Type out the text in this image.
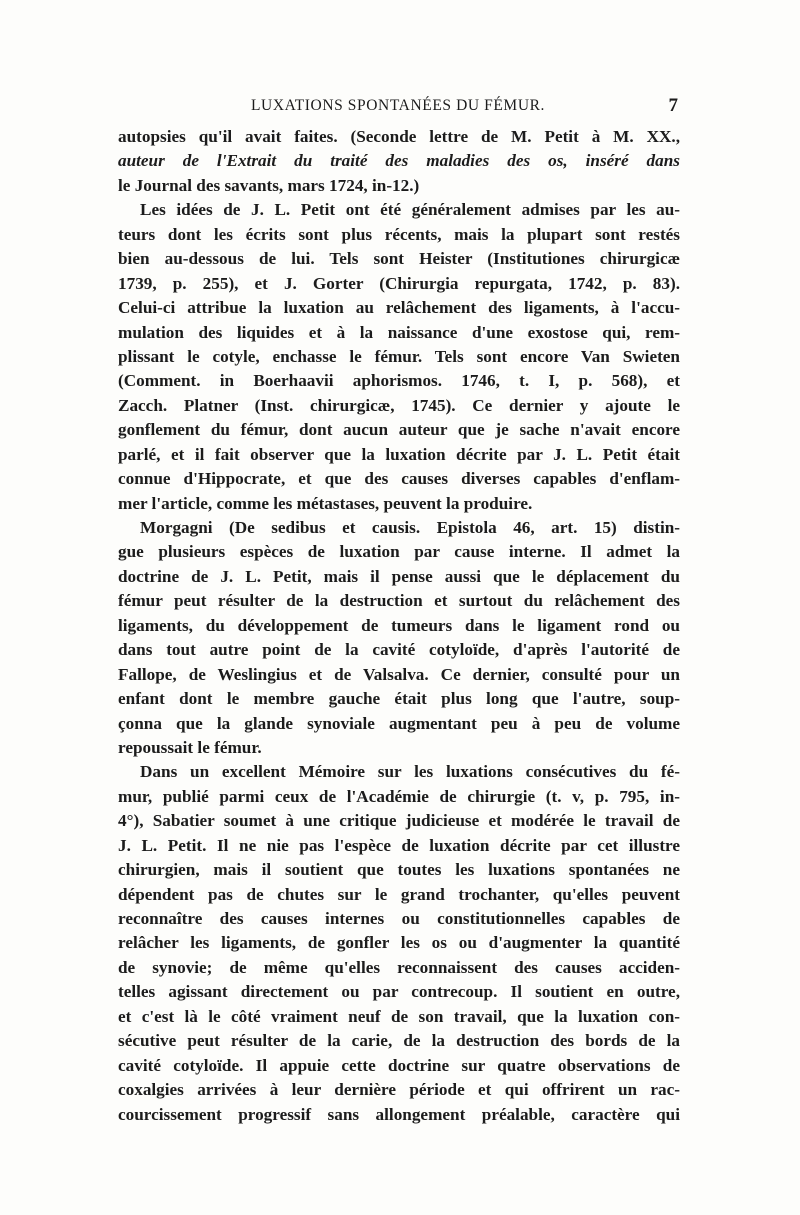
LUXATIONS SPONTANÉES DU FÉMUR.	7
autopsies qu'il avait faites. (Seconde lettre de M. Petit à M. XX.,
auteur de l'Extrait du traité des maladies des os, inséré dans
le Journal des savants, mars 1724, in-12.)
Les idées de J. L. Petit ont été généralement admises par les au-
teurs dont les écrits sont plus récents, mais la plupart sont restés
bien au-dessous de lui. Tels sont Heister (Institutiones chirurgicæ
1739, p. 255), et J. Gorter (Chirurgia repurgata, 1742, p. 83).
Celui-ci attribue la luxation au relâchement des ligaments, à l'accu-
mulation des liquides et à la naissance d'une exostose qui, rem-
plissant le cotyle, enchasse le fémur. Tels sont encore Van Swieten
(Comment. in Boerhaavii aphorismos. 1746, t. I, p. 568), et
Zacch. Platner (Inst. chirurgicæ, 1745). Ce dernier y ajoute le
gonflement du fémur, dont aucun auteur que je sache n'avait encore
parlé, et il fait observer que la luxation décrite par J. L. Petit était
connue d'Hippocrate, et que des causes diverses capables d'enflam-
mer l'article, comme les métastases, peuvent la produire.
Morgagni (De sedibus et causis. Epistola 46, art. 15) distin-
gue plusieurs espèces de luxation par cause interne. Il admet la
doctrine de J. L. Petit, mais il pense aussi que le déplacement du
fémur peut résulter de la destruction et surtout du relâchement des
ligaments, du développement de tumeurs dans le ligament rond ou
dans tout autre point de la cavité cotyloïde, d'après l'autorité de
Fallope, de Weslingius et de Valsalva. Ce dernier, consulté pour un
enfant dont le membre gauche était plus long que l'autre, soup-
çonna que la glande synoviale augmentant peu à peu de volume
repoussait le fémur.
Dans un excellent Mémoire sur les luxations consécutives du fé-
mur, publié parmi ceux de l'Académie de chirurgie (t. v, p. 795, in-
4°), Sabatier soumet à une critique judicieuse et modérée le travail de
J. L. Petit. Il ne nie pas l'espèce de luxation décrite par cet illustre
chirurgien, mais il soutient que toutes les luxations spontanées ne
dépendent pas de chutes sur le grand trochanter, qu'elles peuvent
reconnaître des causes internes ou constitutionnelles capables de
relâcher les ligaments, de gonfler les os ou d'augmenter la quantité
de synovie; de même qu'elles reconnaissent des causes acciden-
telles agissant directement ou par contrecoup. Il soutient en outre,
et c'est là le côté vraiment neuf de son travail, que la luxation con-
sécutive peut résulter de la carie, de la destruction des bords de la
cavité cotyloïde. Il appuie cette doctrine sur quatre observations de
coxalgies arrivées à leur dernière période et qui offrirent un rac-
courcissement progressif sans allongement préalable, caractère qui
